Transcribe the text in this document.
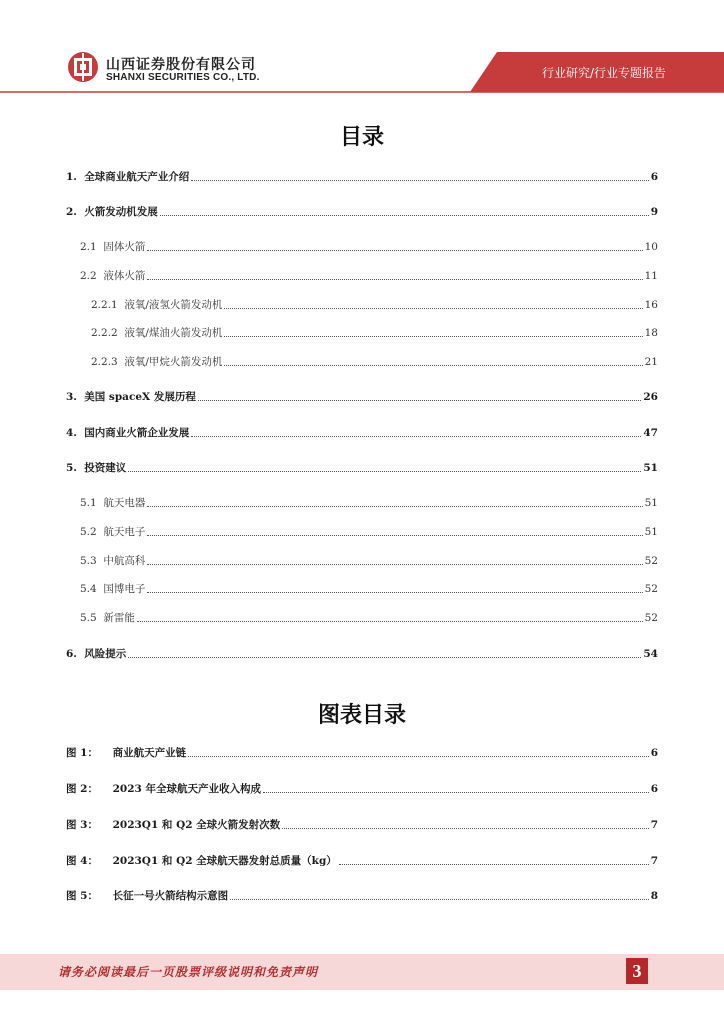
山西证券股份有限公司
SHANXI SECURITIES CO., LTD.	行业研究/行业专题报告
目录
1.  全球商业航天产业介绍	6
2.  火箭发动机发展	9
2.1  固体火箭	10
2.2  液体火箭	11
2.2.1  液氧/液氢火箭发动机	16
2.2.2  液氧/煤油火箭发动机	18
2.2.3  液氧/甲烷火箭发动机	21
3.  美国 spaceX 发展历程	26
4.  国内商业火箭企业发展	47
5.  投资建议	51
5.1  航天电器	51
5.2  航天电子	51
5.3  中航高科	52
5.4  国博电子	52
5.5  新雷能	52
6.  风险提示	54
图表目录
图 1：    商业航天产业链	6
图 2：    2023 年全球航天产业收入构成	6
图 3：    2023Q1 和 Q2 全球火箭发射次数	7
图 4：    2023Q1 和 Q2 全球航天器发射总质量（kg）	7
图 5：    长征一号火箭结构示意图	8
请务必阅读最后一页股票评级说明和免责声明	3
